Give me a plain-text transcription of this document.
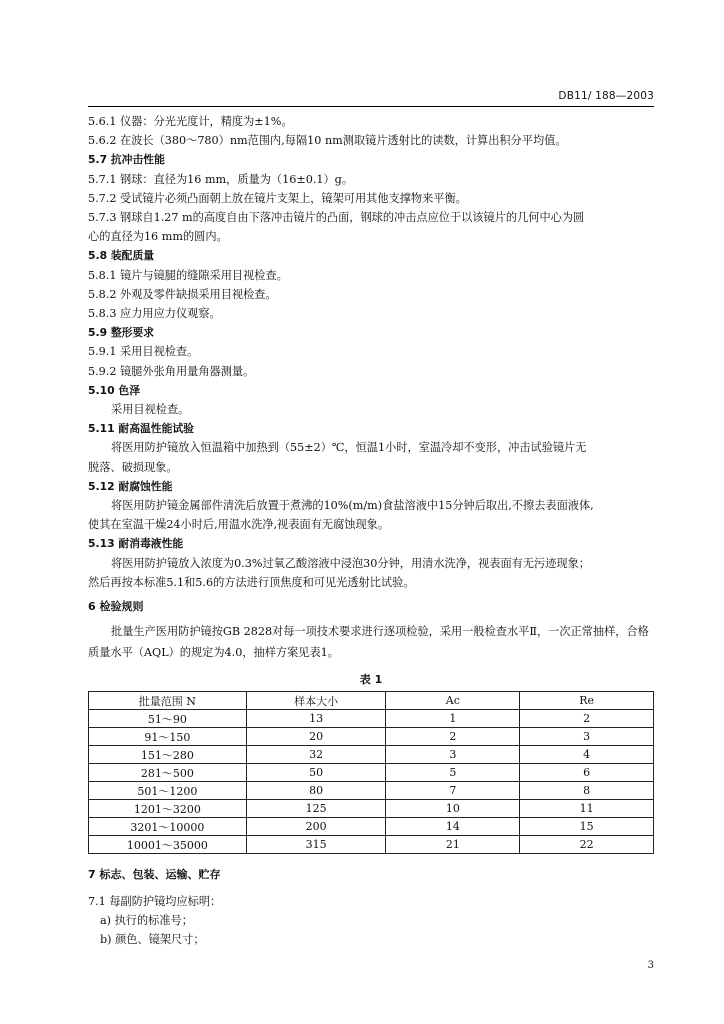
DB11/ 188—2003
5.6.1 仪器：分光光度计，精度为±1%。
5.6.2 在波长（380～780）nm范围内,每隔10 nm测取镜片透射比的读数，计算出积分平均值。
5.7 抗冲击性能
5.7.1 钢球：直径为16 mm，质量为（16±0.1）g。
5.7.2 受试镜片必须凸面朝上放在镜片支架上，镜架可用其他支撑物来平衡。
5.7.3 钢球自1.27 m的高度自由下落冲击镜片的凸面，钢球的冲击点应位于以该镜片的几何中心为圆
心的直径为16 mm的圆内。
5.8 装配质量
5.8.1 镜片与镜腿的缝隙采用目视检查。
5.8.2 外观及零件缺损采用目视检查。
5.8.3 应力用应力仪观察。
5.9 整形要求
5.9.1 采用目视检查。
5.9.2 镜腿外张角用量角器测量。
5.10 色泽
采用目视检查。
5.11 耐高温性能试验
将医用防护镜放入恒温箱中加热到（55±2）℃，恒温1小时，室温冷却不变形，冲击试验镜片无
脱落、破损现象。
5.12 耐腐蚀性能
将医用防护镜金属部件清洗后放置于煮沸的10%(m/m)食盐溶液中15分钟后取出,不擦去表面液体,
使其在室温干燥24小时后,用温水洗净,视表面有无腐蚀现象。
5.13 耐消毒液性能
将医用防护镜放入浓度为0.3%过氧乙酸溶液中浸泡30分钟，用清水洗净，视表面有无污迹现象；
然后再按本标准5.1和5.6的方法进行顶焦度和可见光透射比试验。
6 检验规则
批量生产医用防护镜按GB 2828对每一项技术要求进行逐项检验，采用一般检查水平Ⅱ，一次正常抽样，合格质量水平（AQL）的规定为4.0，抽样方案见表1。
表 1
批量范围 N	样本大小	Ac	Re
51～90	13	1	2
91～150	20	2	3
151～280	32	3	4
281～500	50	5	6
501～1200	80	7	8
1201～3200	125	10	11
3201～10000	200	14	15
10001～35000	315	21	22
7 标志、包装、运输、贮存
7.1 每副防护镜均应标明：
a) 执行的标准号；
b) 颜色、镜架尺寸；
3
